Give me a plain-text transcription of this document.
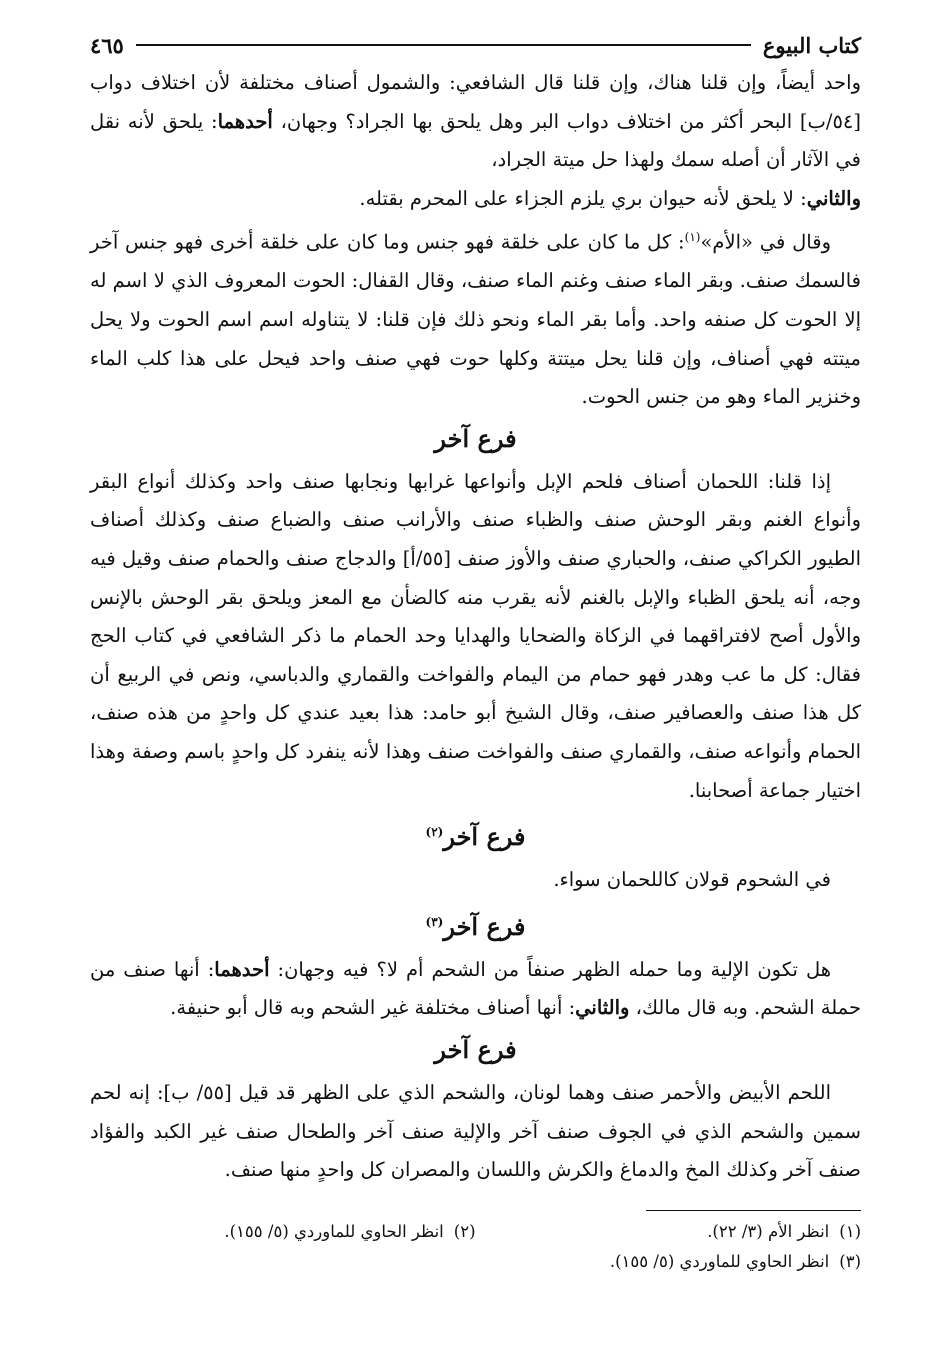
كتاب البيوع
٤٦٥

واحد أيضاً، وإن قلنا هناك، وإن قلنا قال الشافعي: والشمول أصناف مختلفة لأن اختلاف دواب [٥٤/ب] البحر أكثر من اختلاف دواب البر وهل يلحق بها الجراد؟ وجهان، أحدهما: يلحق لأنه نقل في الآثار أن أصله سمك ولهذا حل ميتة الجراد،
والثاني: لا يلحق لأنه حيوان بري يلزم الجزاء على المحرم بقتله.

وقال في «الأم»$^{(١)}$: كل ما كان على خلقة فهو جنس وما كان على خلقة أخرى فهو جنس آخر فالسمك صنف. وبقر الماء صنف وغنم الماء صنف، وقال القفال: الحوت المعروف الذي لا اسم له إلا الحوت كل صنفه واحد. وأما بقر الماء ونحو ذلك فإن قلنا: لا يتناوله اسم اسم الحوت ولا يحل ميتته فهي أصناف، وإن قلنا يحل ميتتة وكلها حوت فهي صنف واحد فيحل على هذا كلب الماء وخنزير الماء وهو من جنس الحوت.

فرع آخر

إذا قلنا: اللحمان أصناف فلحم الإبل وأنواعها غرابها ونجابها صنف واحد وكذلك أنواع البقر وأنواع الغنم وبقر الوحش صنف والظباء صنف والأرانب صنف والضباع صنف وكذلك أصناف الطيور الكراكي صنف، والحباري صنف والأوز صنف [٥٥/أ] والدجاج صنف والحمام صنف وقيل فيه وجه، أنه يلحق الظباء والإبل بالغنم لأنه يقرب منه كالضأن مع المعز ويلحق بقر الوحش بالإنس والأول أصح لافتراقهما في الزكاة والضحايا والهدايا وحد الحمام ما ذكر الشافعي في كتاب الحج فقال: كل ما عب وهدر فهو حمام من اليمام والفواخت والقماري والدباسي، ونص في الربيع أن كل هذا صنف والعصافير صنف، وقال الشيخ أبو حامد: هذا بعيد عندي كل واحدٍ من هذه صنف، الحمام وأنواعه صنف، والقماري صنف والفواخت صنف وهذا لأنه ينفرد كل واحدٍ باسم وصفة وهذا اختيار جماعة أصحابنا.

فرع آخر$^{(٢)}$

في الشحوم قولان كاللحمان سواء.

فرع آخر$^{(٣)}$

هل تكون الإلية وما حمله الظهر صنفاً من الشحم أم لا؟ فيه وجهان: أحدهما: أنها صنف من حملة الشحم. وبه قال مالك، والثاني: أنها أصناف مختلفة غير الشحم وبه قال أبو حنيفة.

فرع آخر

اللحم الأبيض والأحمر صنف وهما لونان، والشحم الذي على الظهر قد قيل [٥٥/ ب]: إنه لحم سمين والشحم الذي في الجوف صنف آخر والإلية صنف آخر والطحال صنف غير الكبد والفؤاد صنف آخر وكذلك المخ والدماغ والكرش واللسان والمصران كل واحدٍ منها صنف.

(١)انظر الأم (٣/ ٢٢).
(٢)انظر الحاوي للماوردي (٥/ ١٥٥).
(٣)انظر الحاوي للماوردي (٥/ ١٥٥).
